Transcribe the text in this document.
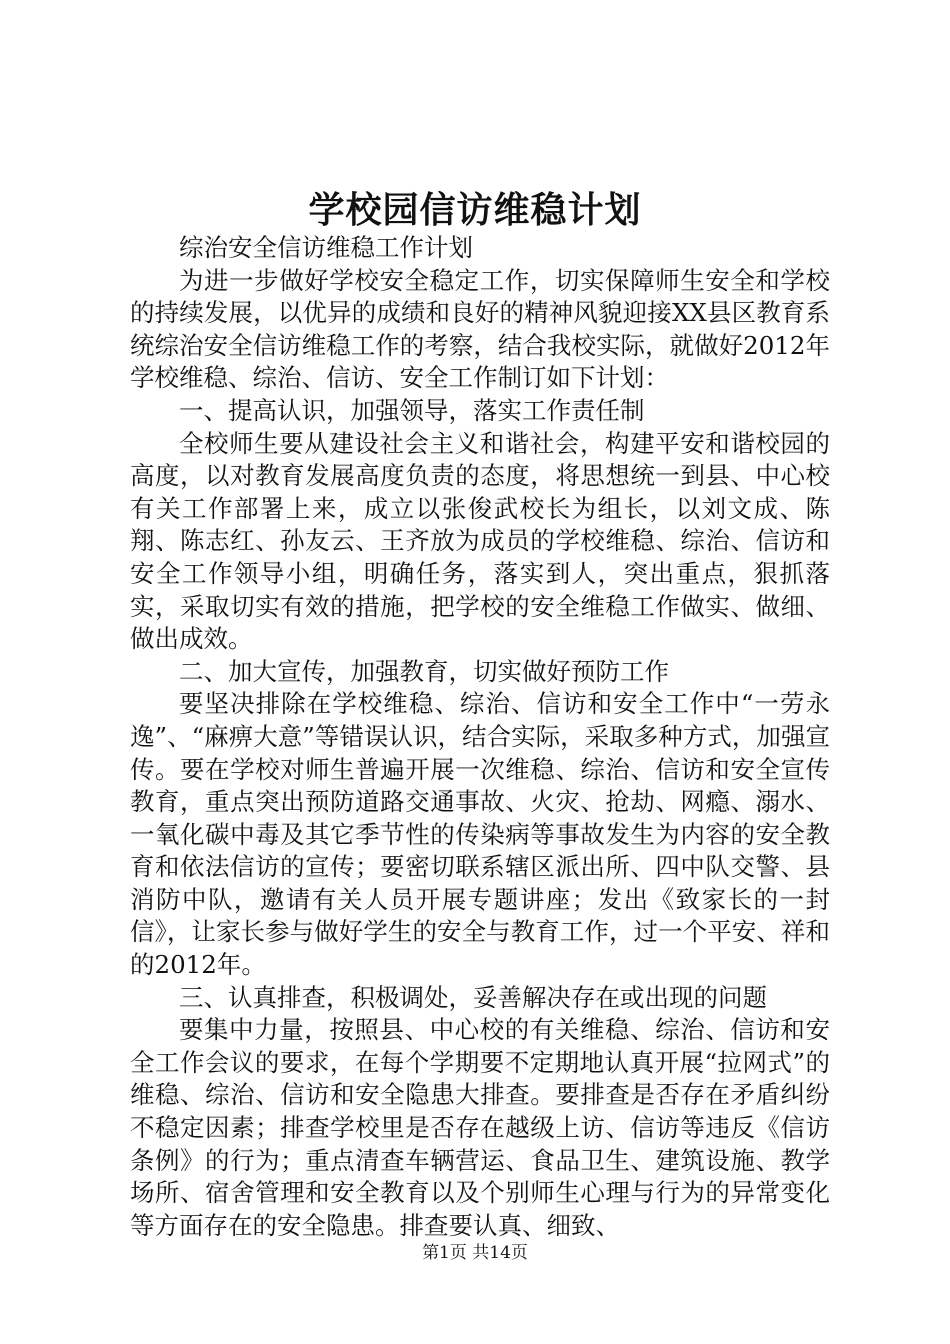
学校园信访维稳计划

综治安全信访维稳工作计划

为进一步做好学校安全稳定工作，切实保障师生安全和学校的持续发展，以优异的成绩和良好的精神风貌迎接XX县区教育系统综治安全信访维稳工作的考察，结合我校实际，就做好2012年学校维稳、综治、信访、安全工作制订如下计划：

一、提高认识，加强领导，落实工作责任制

全校师生要从建设社会主义和谐社会，构建平安和谐校园的高度，以对教育发展高度负责的态度，将思想统一到县、中心校有关工作部署上来，成立以张俊武校长为组长，以刘文成、陈翔、陈志红、孙友云、王齐放为成员的学校维稳、综治、信访和安全工作领导小组，明确任务，落实到人，突出重点，狠抓落实，采取切实有效的措施，把学校的安全维稳工作做实、做细、做出成效。

二、加大宣传，加强教育，切实做好预防工作

要坚决排除在学校维稳、综治、信访和安全工作中“一劳永逸”、“麻痹大意”等错误认识，结合实际，采取多种方式，加强宣传。要在学校对师生普遍开展一次维稳、综治、信访和安全宣传教育，重点突出预防道路交通事故、火灾、抢劫、网瘾、溺水、一氧化碳中毒及其它季节性的传染病等事故发生为内容的安全教育和依法信访的宣传；要密切联系辖区派出所、四中队交警、县消防中队，邀请有关人员开展专题讲座；发出《致家长的一封信》，让家长参与做好学生的安全与教育工作，过一个平安、祥和的2012年。

三、认真排查，积极调处，妥善解决存在或出现的问题

要集中力量，按照县、中心校的有关维稳、综治、信访和安全工作会议的要求，在每个学期要不定期地认真开展“拉网式”的维稳、综治、信访和安全隐患大排查。要排查是否存在矛盾纠纷不稳定因素；排查学校里是否存在越级上访、信访等违反《信访条例》的行为；重点清查车辆营运、食品卫生、建筑设施、教学场所、宿舍管理和安全教育以及个别师生心理与行为的异常变化等方面存在的安全隐患。排查要认真、细致、

第1页 共14页
